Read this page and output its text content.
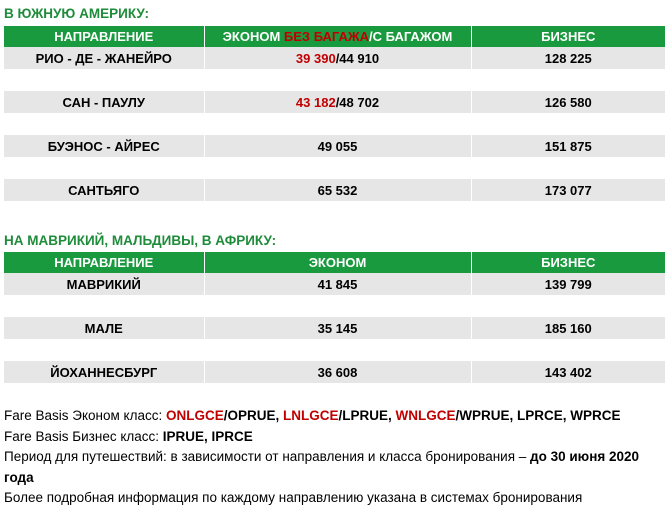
В ЮЖНУЮ АМЕРИКУ:
НАПРАВЛЕНИЕ	ЭКОНОМ БЕЗ БАГАЖА/С БАГАЖОМ	БИЗНЕС
РИО - ДЕ - ЖАНЕЙРО	39 390/44 910	128 225

САН - ПАУЛУ	43 182/48 702	126 580

БУЭНОС - АЙРЕС	49 055	151 875

САНТЬЯГО	65 532	173 077
НА МАВРИКИЙ, МАЛЬДИВЫ, В АФРИКУ:
НАПРАВЛЕНИЕ	ЭКОНОМ	БИЗНЕС
МАВРИКИЙ	41 845	139 799

МАЛЕ	35 145	185 160

ЙОХАННЕСБУРГ	36 608	143 402

Fare Basis Эконом класс: ONLGCE/OPRUE, LNLGCE/LPRUE, WNLGCE/WPRUE, LPRCE, WPRCE

Fare Basis Бизнес класс: IPRUE, IPRCE

Период для путешествий: в зависимости от направления и класса бронирования – до 30 июня 2020 года

Более подробная информация по каждому направлению указана в системах бронирования
